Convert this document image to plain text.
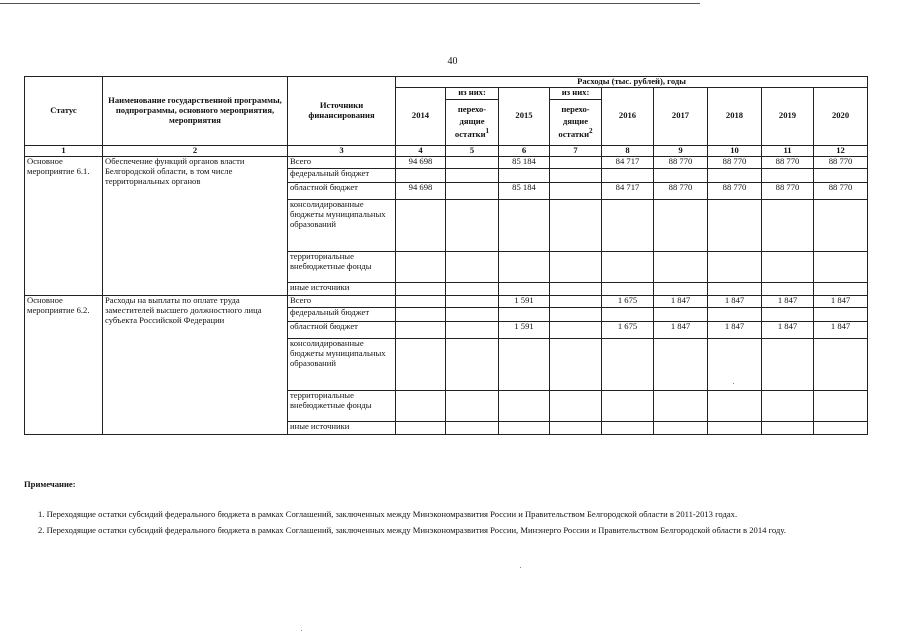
40
Статус	Наименование государственной программы, подпрограммы, основного мероприятия, мероприятия	Источники финансирования	Расходы (тыс. рублей), годы								
			2014	из них:	2015	из них:	2016	2017	2018	2019	2020
				перехо-дящие остатки$^1$		перехо-дящие остатки$^2$
1	2	3	4	5	6	7	8	9	10	11	12
Основное мероприятие 6.1.	Обеспечение функций органов власти Белгородской области, в том числе территориальных органов	Всего	94 698		85 184		84 717	88 770	88 770	88 770	88 770
		федеральный бюджет									
		областной бюджет	94 698		85 184		84 717	88 770	88 770	88 770	88 770
		консолидированные бюджеты муниципальных образований									
		территориальные внебюджетные фонды									
		иные источники									
Основное мероприятие 6.2.	Расходы на выплаты по оплате труда заместителей высшего должностного лица субъекта Российской Федерации	Всего			1 591		1 675	1 847	1 847	1 847	1 847
		федеральный бюджет									
		областной бюджет			1 591		1 675	1 847	1 847	1 847	1 847
		консолидированные бюджеты муниципальных образований									
		территориальные внебюджетные фонды									
		иные источники									
Примечание:

1. Переходящие остатки субсидий федерального бюджета в рамках Соглашений, заключенных между Минэкономразвития России и Правительством Белгородской области в 2011-2013 годах.

2. Переходящие остатки субсидий федерального бюджета в рамках Соглашений, заключенных между Минэкономразвития России, Минэнерго России и Правительством Белгородской области в 2014 году.
